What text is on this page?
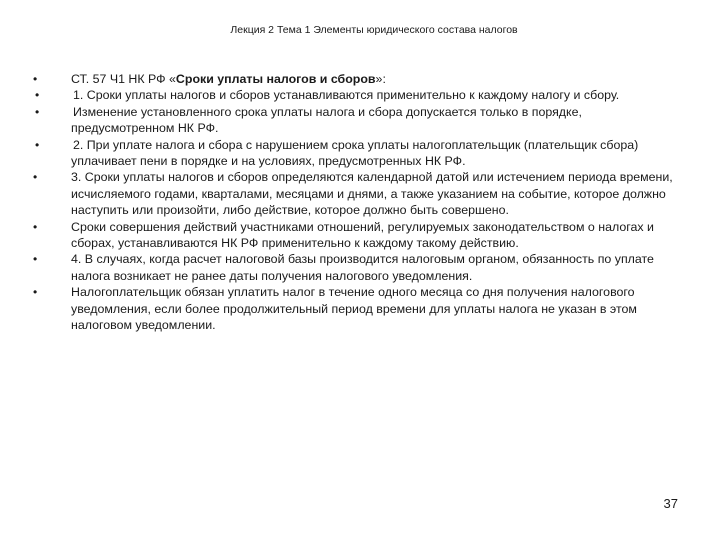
Лекция 2 Тема 1 Элементы юридического состава налогов
• СТ. 57 Ч1 НК РФ «Сроки уплаты налогов и сборов»:
• 1. Сроки уплаты налогов и сборов устанавливаются применительно к каждому налогу и сбору.
• Изменение установленного срока уплаты налога и сбора допускается только в порядке, предусмотренном НК РФ.
• 2. При уплате налога и сбора с нарушением срока уплаты налогоплательщик (плательщик сбора) уплачивает пени в порядке и на условиях, предусмотренных НК РФ.
• 3. Сроки уплаты налогов и сборов определяются календарной датой или истечением периода времени, исчисляемого годами, кварталами, месяцами и днями, а также указанием на событие, которое должно наступить или произойти, либо действие, которое должно быть совершено.
• Сроки совершения действий участниками отношений, регулируемых законодательством о налогах и сборах, устанавливаются НК РФ применительно к каждому такому действию.
• 4. В случаях, когда расчет налоговой базы производится налоговым органом, обязанность по уплате налога возникает не ранее даты получения налогового уведомления.
• Налогоплательщик обязан уплатить налог в течение одного месяца со дня получения налогового уведомления, если более продолжительный период времени для уплаты налога не указан в этом налоговом уведомлении.
37
